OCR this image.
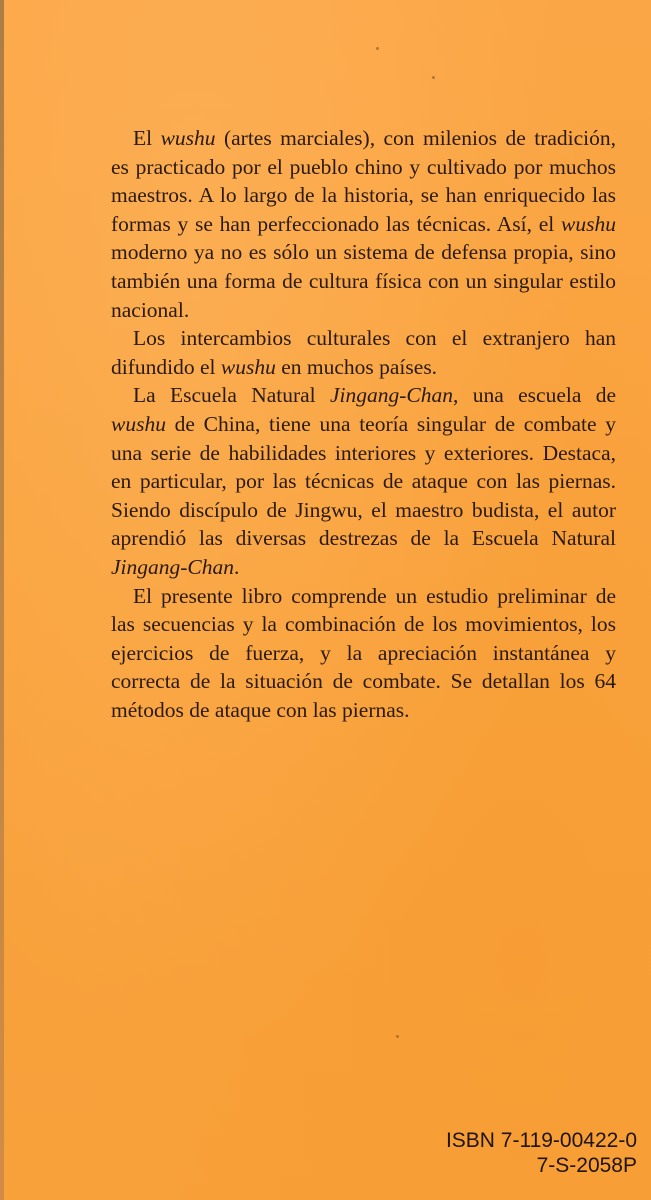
El wushu (artes marciales), con milenios de tradición, es practicado por el pueblo chino y cultivado por muchos maestros. A lo largo de la historia, se han enriquecido las formas y se han perfeccionado las técnicas. Así, el wushu moderno ya no es sólo un sistema de defensa propia, sino también una forma de cultura física con un singular estilo nacional.

Los intercambios culturales con el extranjero han difundido el wushu en muchos países.

La Escuela Natural Jingang-Chan, una escuela de wushu de China, tiene una teoría singular de combate y una serie de habilidades interiores y exteriores. Destaca, en particular, por las técnicas de ataque con las piernas. Siendo discípulo de Jingwu, el maestro budista, el autor aprendió las diversas destrezas de la Escuela Natural Jingang-Chan.

El presente libro comprende un estudio preliminar de las secuencias y la combinación de los movimientos, los ejercicios de fuerza, y la apreciación instantánea y correcta de la situación de combate. Se detallan los 64 métodos de ataque con las piernas.

ISBN 7-119-00422-0
7-S-2058P
